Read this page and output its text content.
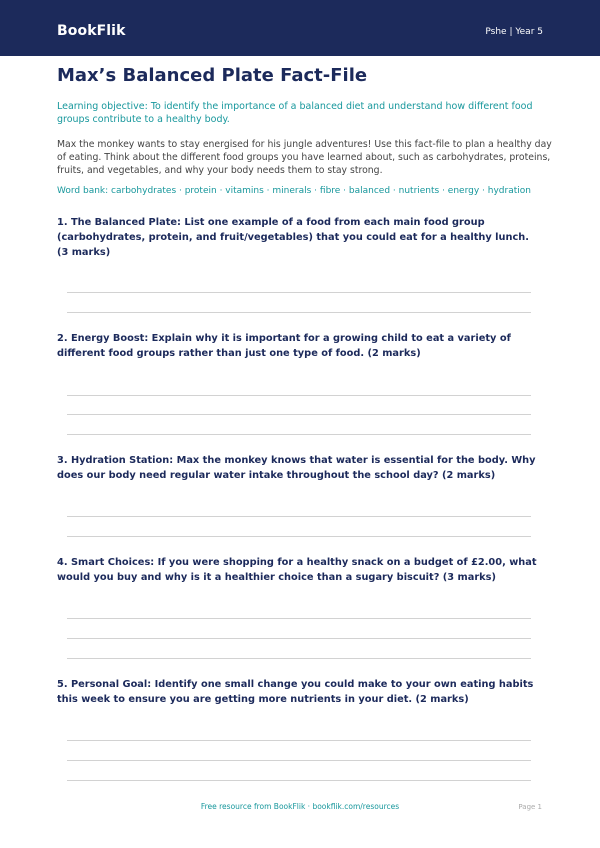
BookFlik	Pshe | Year 5
Max’s Balanced Plate Fact-File

Learning objective: To identify the importance of a balanced diet and understand how different food groups contribute to a healthy body.

Max the monkey wants to stay energised for his jungle adventures! Use this fact-file to plan a healthy day of eating. Think about the different food groups you have learned about, such as carbohydrates, proteins, fruits, and vegetables, and why your body needs them to stay strong.

Word bank: carbohydrates · protein · vitamins · minerals · fibre · balanced · nutrients · energy · hydration

1. The Balanced Plate: List one example of a food from each main food group (carbohydrates, protein, and fruit/vegetables) that you could eat for a healthy lunch. (3 marks)

2. Energy Boost: Explain why it is important for a growing child to eat a variety of different food groups rather than just one type of food. (2 marks)

3. Hydration Station: Max the monkey knows that water is essential for the body. Why does our body need regular water intake throughout the school day? (2 marks)

4. Smart Choices: If you were shopping for a healthy snack on a budget of £2.00, what would you buy and why is it a healthier choice than a sugary biscuit? (3 marks)

5. Personal Goal: Identify one small change you could make to your own eating habits this week to ensure you are getting more nutrients in your diet. (2 marks)

Free resource from BookFlik · bookflik.com/resources	Page 1
